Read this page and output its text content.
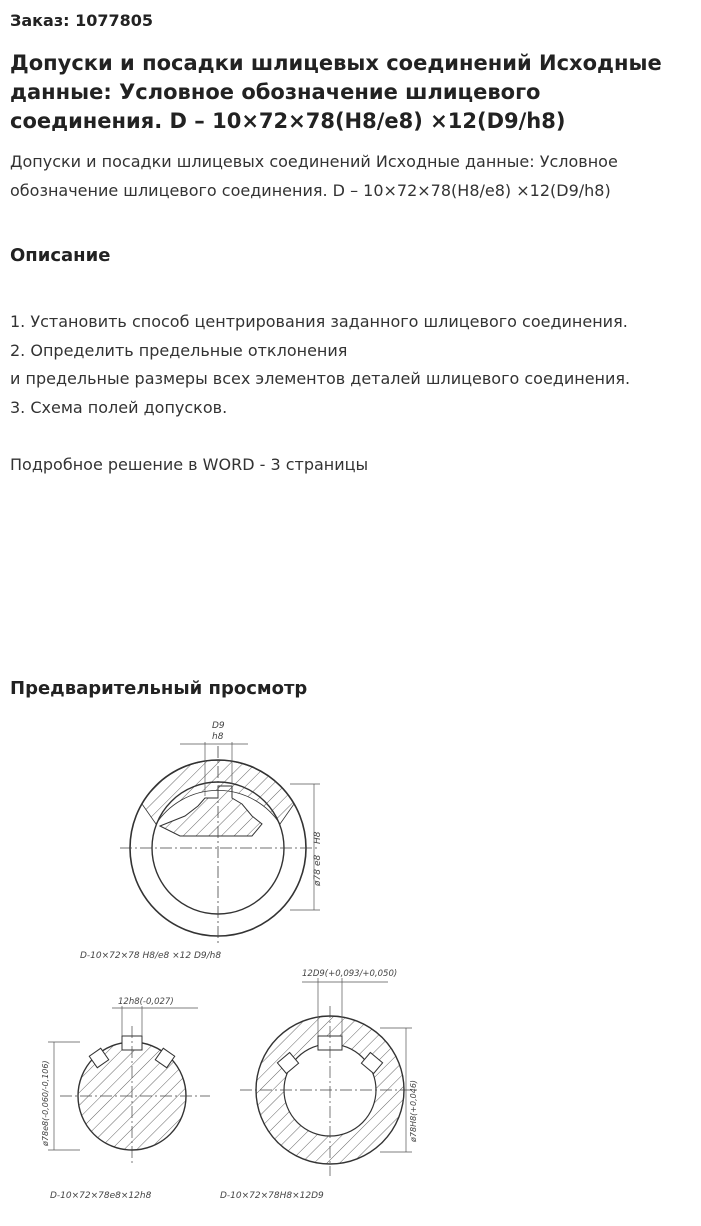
Заказ: 1077805

Допуски и посадки шлицевых соединений Исходные данные: Условное обозначение шлицевого соединения. D – 10×72×78(H8/e8) ×12(D9/h8)

Допуски и посадки шлицевых соединений Исходные данные: Условное обозначение шлицевого соединения. D – 10×72×78(H8/e8) ×12(D9/h8)

Описание
1. Установить способ центрирования заданного шлицевого соединения.
2. Определить предельные отклонения
и предельные размеры всех элементов деталей шлицевого соединения.
3. Схема полей допусков.
Подробное решение в WORD - 3 страницы
Предварительный просмотр
D9
h8
H8
e8
ø78
D-10×72×78 H8/e8 ×12 D9/h8
12h8(-0,027)
ø78e8(-0,060/-0,106)
D-10×72×78e8×12h8
12D9(+0,093/+0,050)
ø78H8(+0,046)
D-10×72×78H8×12D9
